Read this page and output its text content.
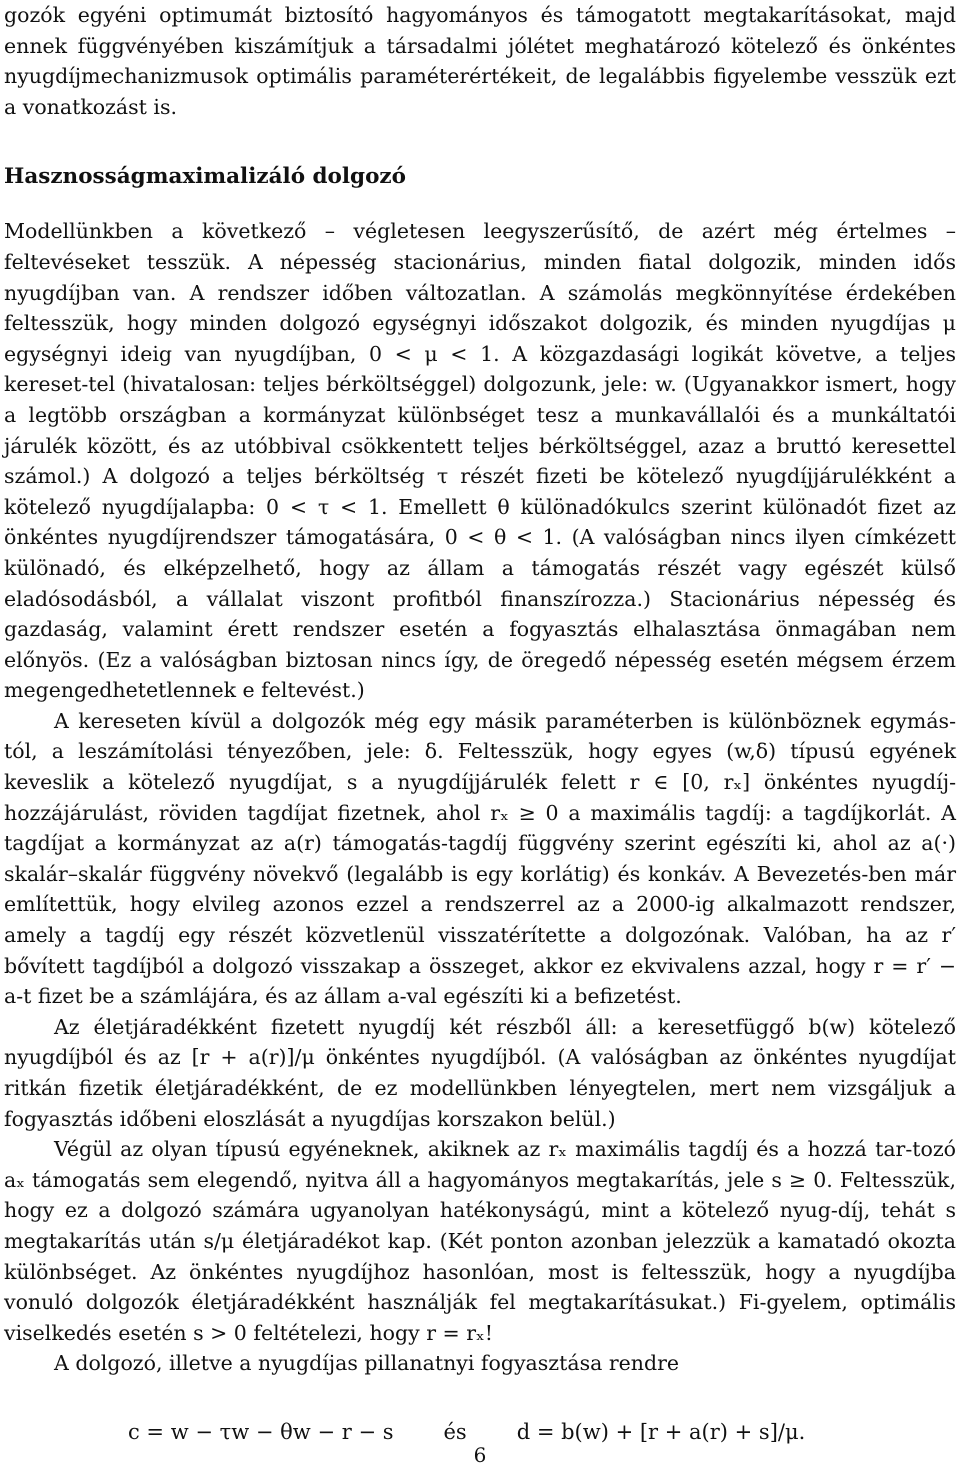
gozók egyéni optimumát biztosító hagyományos és támogatott megtakarításokat, majd ennek függvényében kiszámítjuk a társadalmi jólétet meghatározó kötelező és önkéntes nyugdíjmechanizmusok optimális paraméterértékeit, de legalábbis figyelembe vesszük ezt a vonatkozást is.

Hasznosságmaximalizáló dolgozó

Modellünkben a következő – végletesen leegyszerűsítő, de azért még értelmes – feltevéseket tesszük. A népesség stacionárius, minden fiatal dolgozik, minden idős nyugdíjban van. A rendszer időben változatlan. A számolás megkönnyítése érdekében feltesszük, hogy minden dolgozó egységnyi időszakot dolgozik, és minden nyugdíjas μ egységnyi ideig van nyugdíjban, 0 < μ < 1. A közgazdasági logikát követve, a teljes kereset-tel (hivatalosan: teljes bérköltséggel) dolgozunk, jele: w. (Ugyanakkor ismert, hogy a legtöbb országban a kormányzat különbséget tesz a munkavállalói és a munkáltatói járulék között, és az utóbbival csökkentett teljes bérköltséggel, azaz a bruttó keresettel számol.) A dolgozó a teljes bérköltség τ részét fizeti be kötelező nyugdíjjárulékként a kötelező nyugdíjalapba: 0 < τ < 1. Emellett θ különadókulcs szerint különadót fizet az önkéntes nyugdíjrendszer támogatására, 0 < θ < 1. (A valóságban nincs ilyen címkézett különadó, és elképzelhető, hogy az állam a támogatás részét vagy egészét külső eladósodásból, a vállalat viszont profitból finanszírozza.) Stacionárius népesség és gazdaság, valamint érett rendszer esetén a fogyasztás elhalasztása önmagában nem előnyös. (Ez a valóságban biztosan nincs így, de öregedő népesség esetén mégsem érzem megengedhetetlennek e feltevést.)

A kereseten kívül a dolgozók még egy másik paraméterben is különböznek egymás-tól, a leszámítolási tényezőben, jele: δ. Feltesszük, hogy egyes (w,δ) típusú egyének keveslik a kötelező nyugdíjat, s a nyugdíjjárulék felett r ∈ [0, rₓ] önkéntes nyugdíj-hozzájárulást, röviden tagdíjat fizetnek, ahol rₓ ≥ 0 a maximális tagdíj: a tagdíjkorlát. A tagdíjat a kormányzat az a(r) támogatás-tagdíj függvény szerint egészíti ki, ahol az a(·) skalár–skalár függvény növekvő (legalább is egy korlátig) és konkáv. A Bevezetés-ben már említettük, hogy elvileg azonos ezzel a rendszerrel az a 2000-ig alkalmazott rendszer, amely a tagdíj egy részét közvetlenül visszatérítette a dolgozónak. Valóban, ha az r′ bővített tagdíjból a dolgozó visszakap a összeget, akkor ez ekvivalens azzal, hogy r = r′ − a-t fizet be a számlájára, és az állam a-val egészíti ki a befizetést.

Az életjáradékként fizetett nyugdíj két részből áll: a keresetfüggő b(w) kötelező nyugdíjból és az [r + a(r)]/μ önkéntes nyugdíjból. (A valóságban az önkéntes nyugdíjat ritkán fizetik életjáradékként, de ez modellünkben lényegtelen, mert nem vizsgáljuk a fogyasztás időbeni eloszlását a nyugdíjas korszakon belül.)

Végül az olyan típusú egyéneknek, akiknek az rₓ maximális tagdíj és a hozzá tar-tozó aₓ támogatás sem elegendő, nyitva áll a hagyományos megtakarítás, jele s ≥ 0. Feltesszük, hogy ez a dolgozó számára ugyanolyan hatékonyságú, mint a kötelező nyug-díj, tehát s megtakarítás után s/μ életjáradékot kap. (Két ponton azonban jelezzük a kamatadó okozta különbséget. Az önkéntes nyugdíjhoz hasonlóan, most is feltesszük, hogy a nyugdíjba vonuló dolgozók életjáradékként használják fel megtakarításukat.) Fi-gyelem, optimális viselkedés esetén s > 0 feltételezi, hogy r = rₓ!

A dolgozó, illetve a nyugdíjas pillanatnyi fogyasztása rendre

c = w − τw − θw − r − s és d = b(w) + [r + a(r) + s]/μ.
6
